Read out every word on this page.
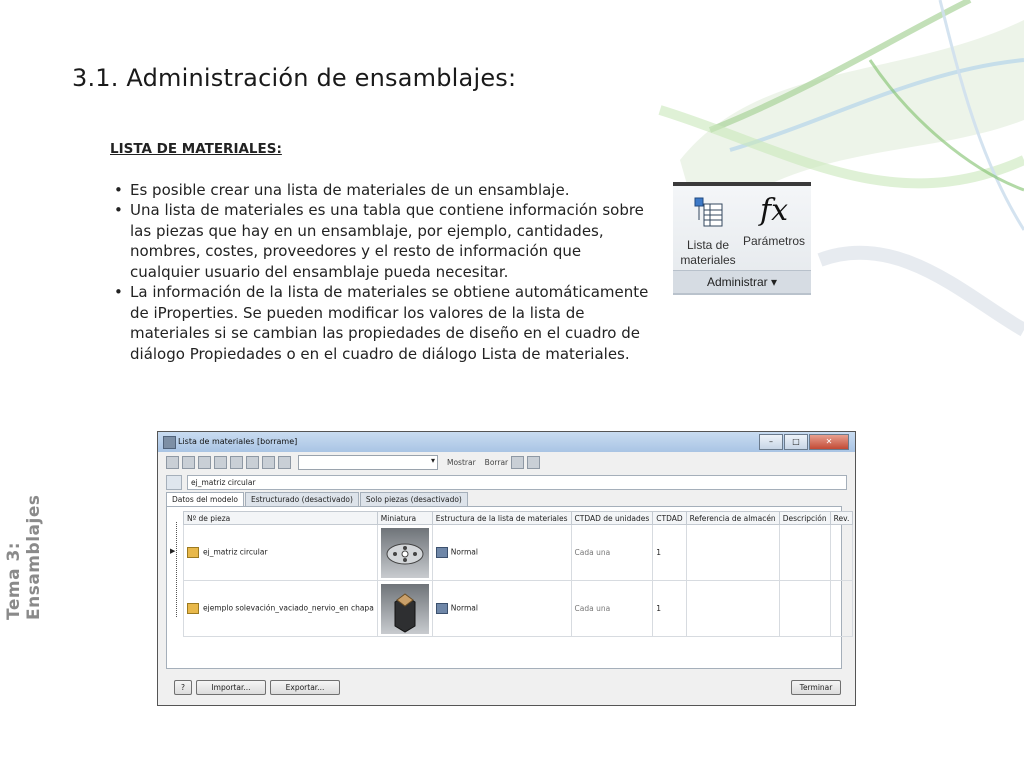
3.1. Administración de ensamblajes:
Tema 3: Ensamblajes
LISTA DE MATERIALES:
• Es posible crear una lista de materiales de un ensamblaje.
• Una lista de materiales es una tabla que contiene información sobre las piezas que hay en un ensamblaje, por ejemplo, cantidades, nombres, costes, proveedores y el resto de información que cualquier usuario del ensamblaje pueda necesitar.
• La información de la lista de materiales se obtiene automáticamente de iProperties. Se pueden modificar los valores de la lista de materiales si se cambian las propiedades de diseño en el cuadro de diálogo Propiedades o en el cuadro de diálogo Lista de materiales.
Lista de
materiales
fx
Parámetros
Administrar ▾
Lista de materiales [borrame]	–	□	✕
▾
Mostrar Borrar
ej_matriz circular
Datos del modelo	Estructurado (desactivado)	Solo piezas (desactivado)
▶
Nº de pieza	Miniatura	Estructura de la lista de materiales	CTDAD de unidades	CTDAD	Referencia de almacén	Descripción	Rev.
ej_matriz circular		Normal	Cada una	1			
ejemplo solevación_vaciado_nervio_en chapa		Normal	Cada una	1			
?	Importar...	Exportar...	Terminar
